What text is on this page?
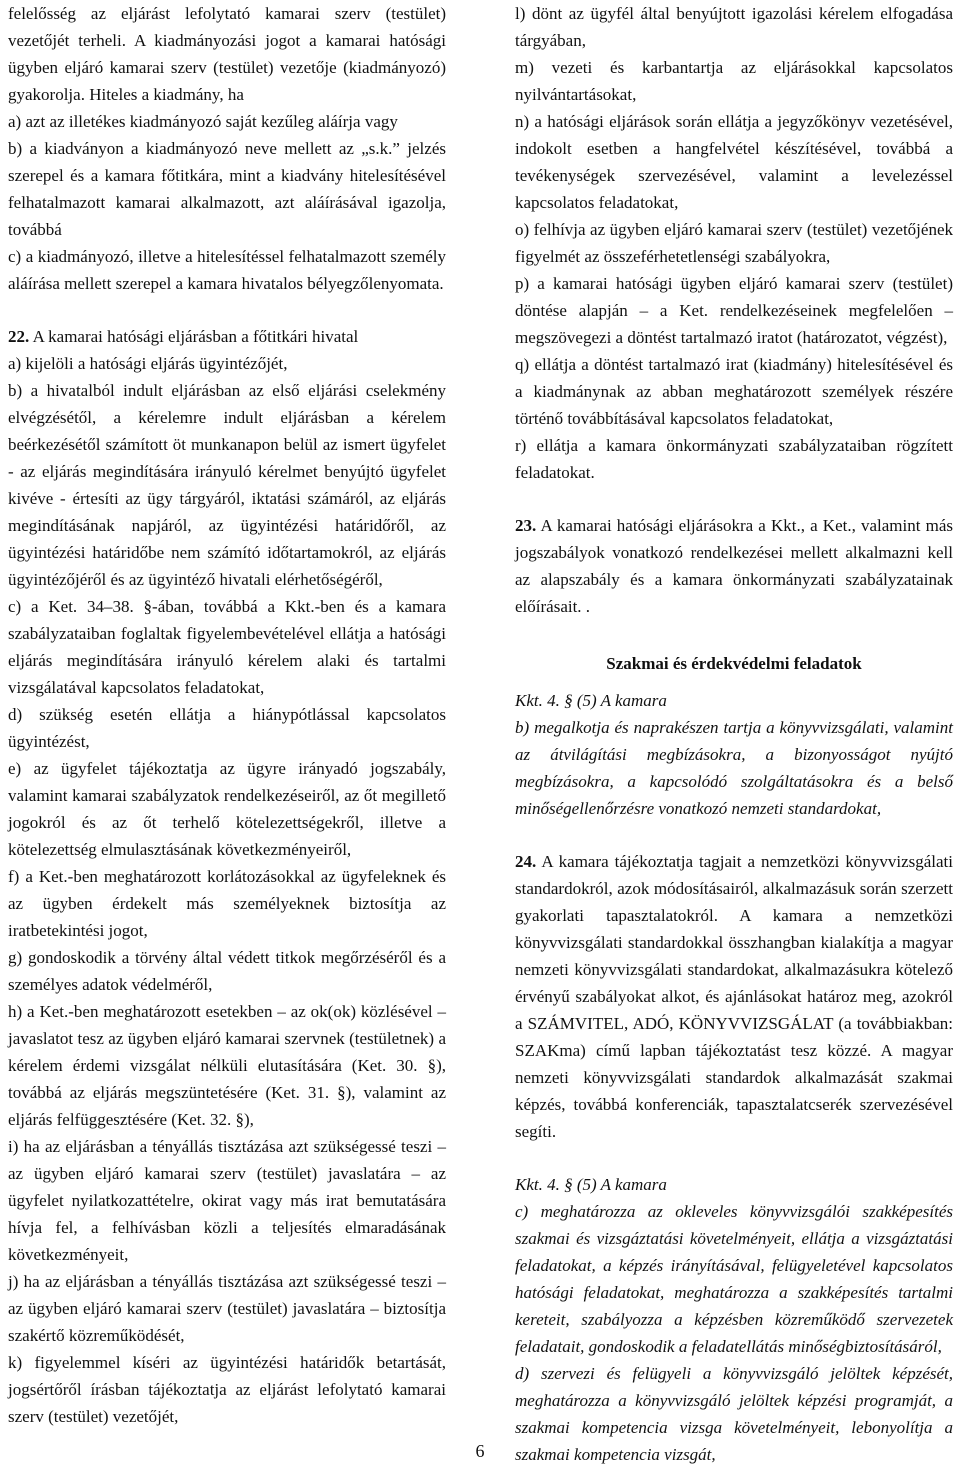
felelősség az eljárást lefolytató kamarai szerv (testület) vezetőjét terheli. A kiadmányozási jogot a kamarai hatósági ügyben eljáró kamarai szerv (testület) vezetője (kiadmányozó) gyakorolja. Hiteles a kiadmány, ha

a) azt az illetékes kiadmányozó saját kezűleg aláírja vagy

b) a kiadványon a kiadmányozó neve mellett az „s.k.” jelzés szerepel és a kamara főtitkára, mint a kiadvány hitelesítésével felhatalmazott kamarai alkalmazott, azt aláírásával igazolja, továbbá

c) a kiadmányozó, illetve a hitelesítéssel felhatalmazott személy aláírása mellett szerepel a kamara hivatalos bélyegzőlenyomata.

22. A kamarai hatósági eljárásban a főtitkári hivatal

a) kijelöli a hatósági eljárás ügyintézőjét,

b) a hivatalból indult eljárásban az első eljárási cselekmény elvégzésétől, a kérelemre indult eljárásban a kérelem beérkezésétől számított öt munkanapon belül az ismert ügyfelet - az eljárás megindítására irányuló kérelmet benyújtó ügyfelet kivéve - értesíti az ügy tárgyáról, iktatási számáról, az eljárás megindításának napjáról, az ügyintézési határidőről, az ügyintézési határidőbe nem számító időtartamokról, az eljárás ügyintézőjéről és az ügyintéző hivatali elérhetőségéről,

c) a Ket. 34–38. §-ában, továbbá a Kkt.-ben és a kamara szabályzataiban foglaltak figyelembevételével ellátja a hatósági eljárás megindítására irányuló kérelem alaki és tartalmi vizsgálatával kapcsolatos feladatokat,

d) szükség esetén ellátja a hiánypótlással kapcsolatos ügyintézést,

e) az ügyfelet tájékoztatja az ügyre irányadó jogszabály, valamint kamarai szabályzatok rendelkezéseiről, az őt megillető jogokról és az őt terhelő kötelezettségekről, illetve a kötelezettség elmulasztásának következményeiről,

f) a Ket.-ben meghatározott korlátozásokkal az ügyfeleknek és az ügyben érdekelt más személyeknek biztosítja az iratbetekintési jogot,

g) gondoskodik a törvény által védett titkok megőrzéséről és a személyes adatok védelméről,

h) a Ket.-ben meghatározott esetekben – az ok(ok) közlésével – javaslatot tesz az ügyben eljáró kamarai szervnek (testületnek) a kérelem érdemi vizsgálat nélküli elutasítására (Ket. 30. §), továbbá az eljárás megszüntetésére (Ket. 31. §), valamint az eljárás felfüggesztésére (Ket. 32. §),

i) ha az eljárásban a tényállás tisztázása azt szükségessé teszi – az ügyben eljáró kamarai szerv (testület) javaslatára – az ügyfelet nyilatkozattételre, okirat vagy más irat bemutatására hívja fel, a felhívásban közli a teljesítés elmaradásának következményeit,

j) ha az eljárásban a tényállás tisztázása azt szükségessé teszi – az ügyben eljáró kamarai szerv (testület) javaslatára – biztosítja szakértő közreműködését,

k) figyelemmel kíséri az ügyintézési határidők betartását, jogsértőről írásban tájékoztatja az eljárást lefolytató kamarai szerv (testület) vezetőjét,

l) dönt az ügyfél által benyújtott igazolási kérelem elfogadása tárgyában,

m) vezeti és karbantartja az eljárásokkal kapcsolatos nyilvántartásokat,

n) a hatósági eljárások során ellátja a jegyzőkönyv vezetésével, indokolt esetben a hangfelvétel készítésével, továbbá a tevékenységek szervezésével, valamint a levelezéssel kapcsolatos feladatokat,

o) felhívja az ügyben eljáró kamarai szerv (testület) vezetőjének figyelmét az összeférhetetlenségi szabályokra,

p) a kamarai hatósági ügyben eljáró kamarai szerv (testület) döntése alapján – a Ket. rendelkezéseinek megfelelően – megszövegezi a döntést tartalmazó iratot (határozatot, végzést),

q) ellátja a döntést tartalmazó irat (kiadmány) hitelesítésével és a kiadmánynak az abban meghatározott személyek részére történő továbbításával kapcsolatos feladatokat,

r) ellátja a kamara önkormányzati szabályzataiban rögzített feladatokat.

23. A kamarai hatósági eljárásokra a Kkt., a Ket., valamint más jogszabályok vonatkozó rendelkezései mellett alkalmazni kell az alapszabály és a kamara önkormányzati szabályzatainak előírásait. .

Szakmai és érdekvédelmi feladatok

Kkt. 4. § (5) A kamara

b) megalkotja és naprakészen tartja a könyvvizsgálati, valamint az átvilágítási megbízásokra, a bizonyosságot nyújtó megbízásokra, a kapcsolódó szolgáltatásokra és a belső minőségellenőrzésre vonatkozó nemzeti standardokat,

24. A kamara tájékoztatja tagjait a nemzetközi könyvvizsgálati standardokról, azok módosításairól, alkalmazásuk során szerzett gyakorlati tapasztalatokról. A kamara a nemzetközi könyvvizsgálati standardokkal összhangban kialakítja a magyar nemzeti könyvvizsgálati standardokat, alkalmazásukra kötelező érvényű szabályokat alkot, és ajánlásokat határoz meg, azokról a SZÁMVITEL, ADÓ, KÖNYVVIZSGÁLAT (a továbbiakban: SZAKma) című lapban tájékoztatást tesz közzé. A magyar nemzeti könyvvizsgálati standardok alkalmazását szakmai képzés, továbbá konferenciák, tapasztalatcserék szervezésével segíti.

Kkt. 4. § (5) A kamara

c) meghatározza az okleveles könyvvizsgálói szakképesítés szakmai és vizsgáztatási követelményeit, ellátja a vizsgáztatási feladatokat, a képzés irányításával, felügyeletével kapcsolatos hatósági feladatokat, meghatározza a szakképesítés tartalmi kereteit, szabályozza a képzésben közreműködő szervezetek feladatait, gondoskodik a feladatellátás minőségbiztosításáról,

d) szervezi és felügyeli a könyvvizsgáló jelöltek képzését, meghatározza a könyvvizsgáló jelöltek képzési programját, a szakmai kompetencia vizsga követelményeit, lebonyolítja a szakmai kompetencia vizsgát,

6
